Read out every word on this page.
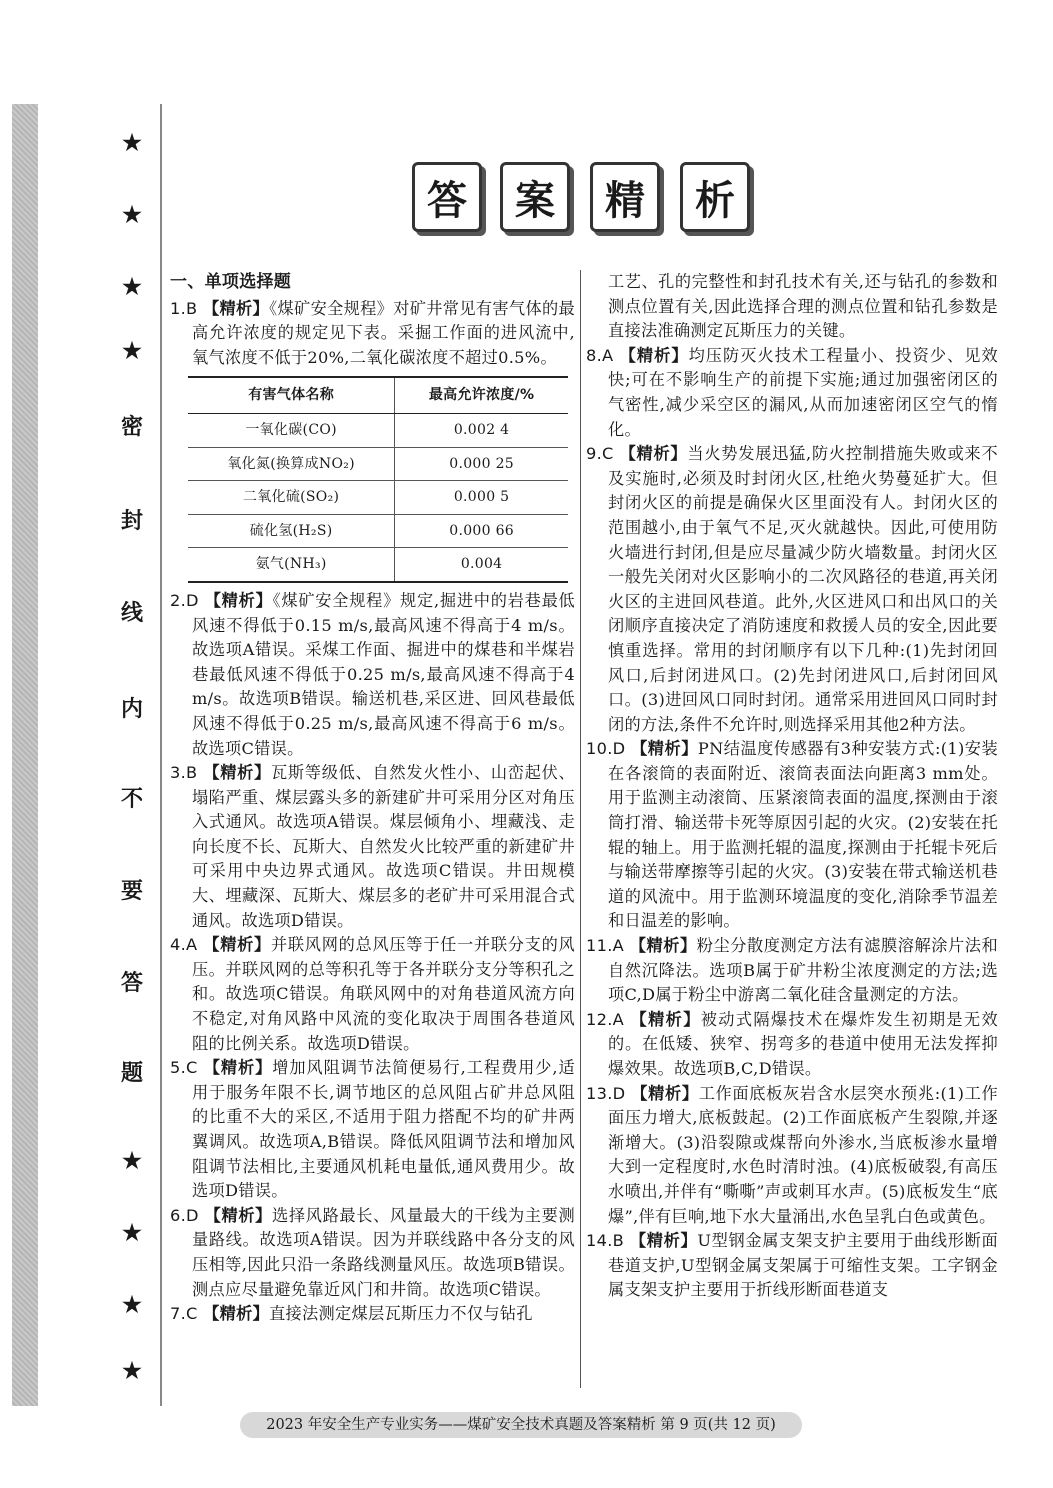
★
★
★
★
密
封
线
内
不
要
答
题
★
★
★
★
答	案	精	析

一、单项选择题

1.B 【精析】《煤矿安全规程》对矿井常见有害气体的最高允许浓度的规定见下表。采掘工作面的进风流中,氧气浓度不低于20%,二氧化碳浓度不超过0.5%。

有害气体名称	最高允许浓度/%
一氧化碳(CO)	0.002 4
氧化氮(换算成NO₂)	0.000 25
二氧化硫(SO₂)	0.000 5
硫化氢(H₂S)	0.000 66
氨气(NH₃)	0.004

2.D 【精析】《煤矿安全规程》规定,掘进中的岩巷最低风速不得低于0.15 m/s,最高风速不得高于4 m/s。故选项A错误。采煤工作面、掘进中的煤巷和半煤岩巷最低风速不得低于0.25 m/s,最高风速不得高于4 m/s。故选项B错误。输送机巷,采区进、回风巷最低风速不得低于0.25 m/s,最高风速不得高于6 m/s。故选项C错误。

3.B 【精析】瓦斯等级低、自然发火性小、山峦起伏、塌陷严重、煤层露头多的新建矿井可采用分区对角压入式通风。故选项A错误。煤层倾角小、埋藏浅、走向长度不长、瓦斯大、自然发火比较严重的新建矿井可采用中央边界式通风。故选项C错误。井田规模大、埋藏深、瓦斯大、煤层多的老矿井可采用混合式通风。故选项D错误。

4.A 【精析】并联风网的总风压等于任一并联分支的风压。并联风网的总等积孔等于各并联分支分等积孔之和。故选项C错误。角联风网中的对角巷道风流方向不稳定,对角风路中风流的变化取决于周围各巷道风阻的比例关系。故选项D错误。

5.C 【精析】增加风阻调节法简便易行,工程费用少,适用于服务年限不长,调节地区的总风阻占矿井总风阻的比重不大的采区,不适用于阻力搭配不均的矿井两翼调风。故选项A,B错误。降低风阻调节法和增加风阻调节法相比,主要通风机耗电量低,通风费用少。故选项D错误。

6.D 【精析】选择风路最长、风量最大的干线为主要测量路线。故选项A错误。因为并联线路中各分支的风压相等,因此只沿一条路线测量风压。故选项B错误。测点应尽量避免靠近风门和井筒。故选项C错误。

7.C 【精析】直接法测定煤层瓦斯压力不仅与钻孔

工艺、孔的完整性和封孔技术有关,还与钻孔的参数和测点位置有关,因此选择合理的测点位置和钻孔参数是直接法准确测定瓦斯压力的关键。

8.A 【精析】均压防灭火技术工程量小、投资少、见效快;可在不影响生产的前提下实施;通过加强密闭区的气密性,减少采空区的漏风,从而加速密闭区空气的惰化。

9.C 【精析】当火势发展迅猛,防火控制措施失败或来不及实施时,必须及时封闭火区,杜绝火势蔓延扩大。但封闭火区的前提是确保火区里面没有人。封闭火区的范围越小,由于氧气不足,灭火就越快。因此,可使用防火墙进行封闭,但是应尽量减少防火墙数量。封闭火区一般先关闭对火区影响小的二次风路径的巷道,再关闭火区的主进回风巷道。此外,火区进风口和出风口的关闭顺序直接决定了消防速度和救援人员的安全,因此要慎重选择。常用的封闭顺序有以下几种:(1)先封闭回风口,后封闭进风口。(2)先封闭进风口,后封闭回风口。(3)进回风口同时封闭。通常采用进回风口同时封闭的方法,条件不允许时,则选择采用其他2种方法。

10.D 【精析】PN结温度传感器有3种安装方式:(1)安装在各滚筒的表面附近、滚筒表面法向距离3 mm处。用于监测主动滚筒、压紧滚筒表面的温度,探测由于滚筒打滑、输送带卡死等原因引起的火灾。(2)安装在托辊的轴上。用于监测托辊的温度,探测由于托辊卡死后与输送带摩擦等引起的火灾。(3)安装在带式输送机巷道的风流中。用于监测环境温度的变化,消除季节温差和日温差的影响。

11.A 【精析】粉尘分散度测定方法有滤膜溶解涂片法和自然沉降法。选项B属于矿井粉尘浓度测定的方法;选项C,D属于粉尘中游离二氧化硅含量测定的方法。

12.A 【精析】被动式隔爆技术在爆炸发生初期是无效的。在低矮、狭窄、拐弯多的巷道中使用无法发挥抑爆效果。故选项B,C,D错误。

13.D 【精析】工作面底板灰岩含水层突水预兆:(1)工作面压力增大,底板鼓起。(2)工作面底板产生裂隙,并逐渐增大。(3)沿裂隙或煤帮向外渗水,当底板渗水量增大到一定程度时,水色时清时浊。(4)底板破裂,有高压水喷出,并伴有“嘶嘶”声或刺耳水声。(5)底板发生“底爆”,伴有巨响,地下水大量涌出,水色呈乳白色或黄色。

14.B 【精析】U型钢金属支架支护主要用于曲线形断面巷道支护,U型钢金属支架属于可缩性支架。工字钢金属支架支护主要用于折线形断面巷道支

2023 年安全生产专业实务——煤矿安全技术真题及答案精析 第 9 页(共 12 页)
